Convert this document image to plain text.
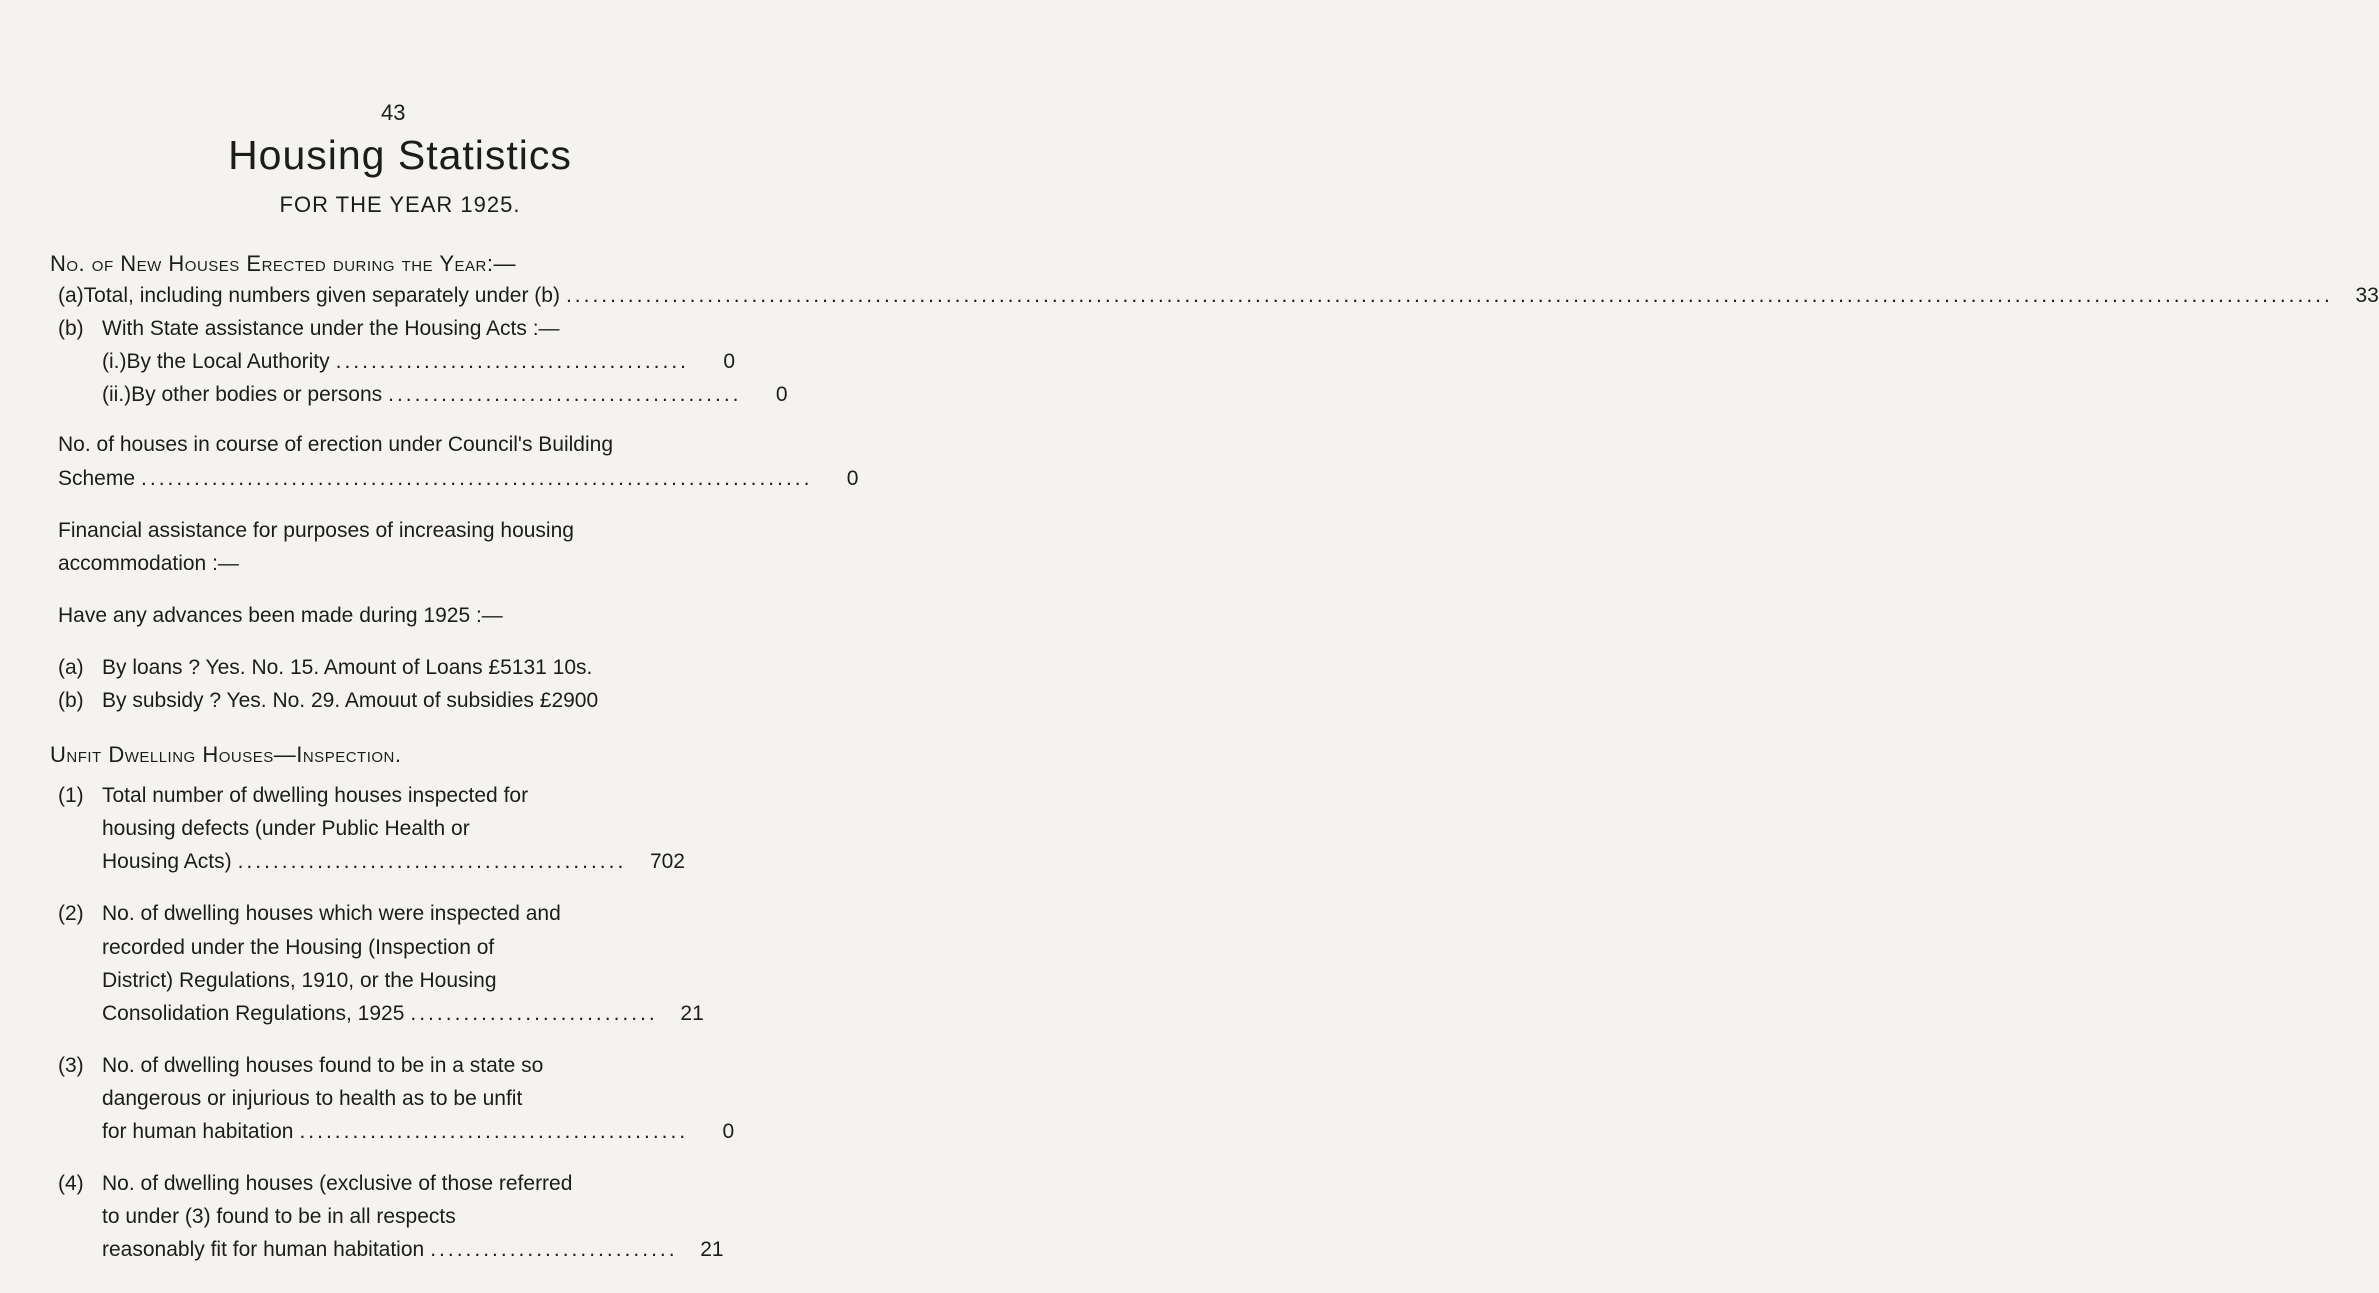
43
Housing Statistics
FOR THE YEAR 1925.
No. of New Houses Erected during the Year:—
(a) Total, including numbers given separately under (b) ........................................................................................................................................................................................................	33
(b) With State assistance under the Housing Acts :—
(i.) By the Local Authority ........................................	0
(ii.) By other bodies or persons ........................................	0
No. of houses in course of erection under Council's Building
Scheme ............................................................................	0
Financial assistance for purposes of increasing housing
accommodation :—
Have any advances been made during 1925 :—
(a) By loans ? Yes. No. 15. Amount of Loans £5131 10s.
(b) By subsidy ? Yes. No. 29. Amouut of subsidies £2900
Unfit Dwelling Houses—Inspection.
(1) Total number of dwelling houses inspected for
housing defects (under Public Health or
Housing Acts) ............................................	702
(2) No. of dwelling houses which were inspected and
recorded under the Housing (Inspection of
District) Regulations, 1910, or the Housing
Consolidation Regulations, 1925 ............................	21
(3) No. of dwelling houses found to be in a state so
dangerous or injurious to health as to be unfit
for human habitation ............................................	0
(4) No. of dwelling houses (exclusive of those referred
to under (3) found to be in all respects
reasonably fit for human habitation ............................	21
